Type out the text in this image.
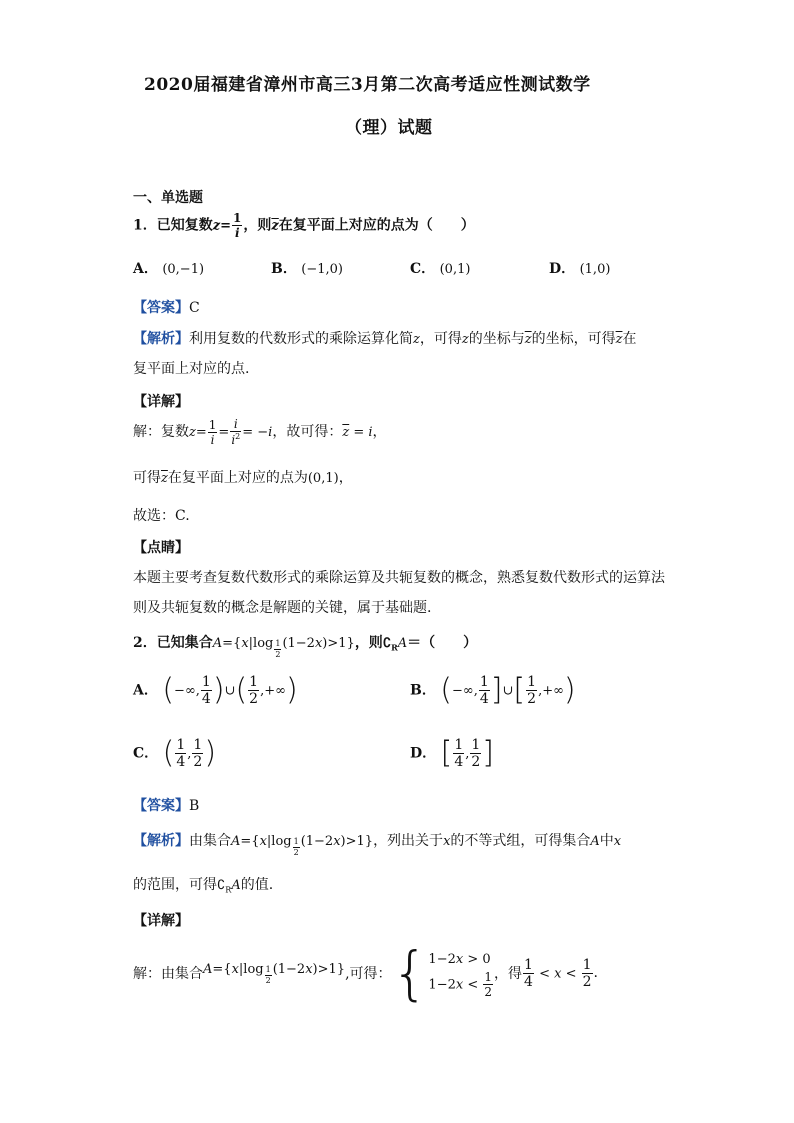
2020届福建省漳州市高三3月第二次高考适应性测试数学
（理）试题
一、单选题
1．已知复数$z= \frac{1}{i}$ ，则$\overline{z}$在复平面上对应的点为（　　）
A． (0,−1)	B． (−1,0)	C． (0,1)	D． (1,0)
【答案】C
【解析】利用复数的代数形式的乘除运算化简z，可得z的坐标与$\overline{z}$的坐标，可得$\overline{z}$在
复平面上对应的点.
【详解】
解：复数$z= \frac{1}{i} = \frac{i}{i^2} = -i$，故可得：$\overline{z} = i$，
可得$\overline{z}$在复平面上对应的点为(0,1)，
故选：C.
【点睛】
本题主要考查复数代数形式的乘除运算及共轭复数的概念，熟悉复数代数形式的运算法
则及共轭复数的概念是解题的关键，属于基础题.
2．已知集合A={x|log $_{\frac{1}{2}}$ (1−2x)>1}，则$∁_RA=$（　　）
A． (−∞, $\frac{1}{4}$ )∪( $\frac{1}{2}$ ,+∞)	B． (−∞, $\frac{1}{4}$ ]∪[ $\frac{1}{2}$ ,+∞)
C． ( $\frac{1}{4}$ , $\frac{1}{2}$ )	D． [ $\frac{1}{4}$ , $\frac{1}{2}$ ]
【答案】B
【解析】由集合A={x|log $_{\frac{1}{2}}$ (1−2x)>1}，列出关于x的不等式组，可得集合A中x
的范围，可得$∁_RA$的值.
【详解】
解：由集合A={x|log $_{\frac{1}{2}}$ (1−2x)>1},可得：{1−2x > 0
$1-2x < \frac{1}{2}$ ，得 $\frac{1}{4} < x < \frac{1}{2}$ .
